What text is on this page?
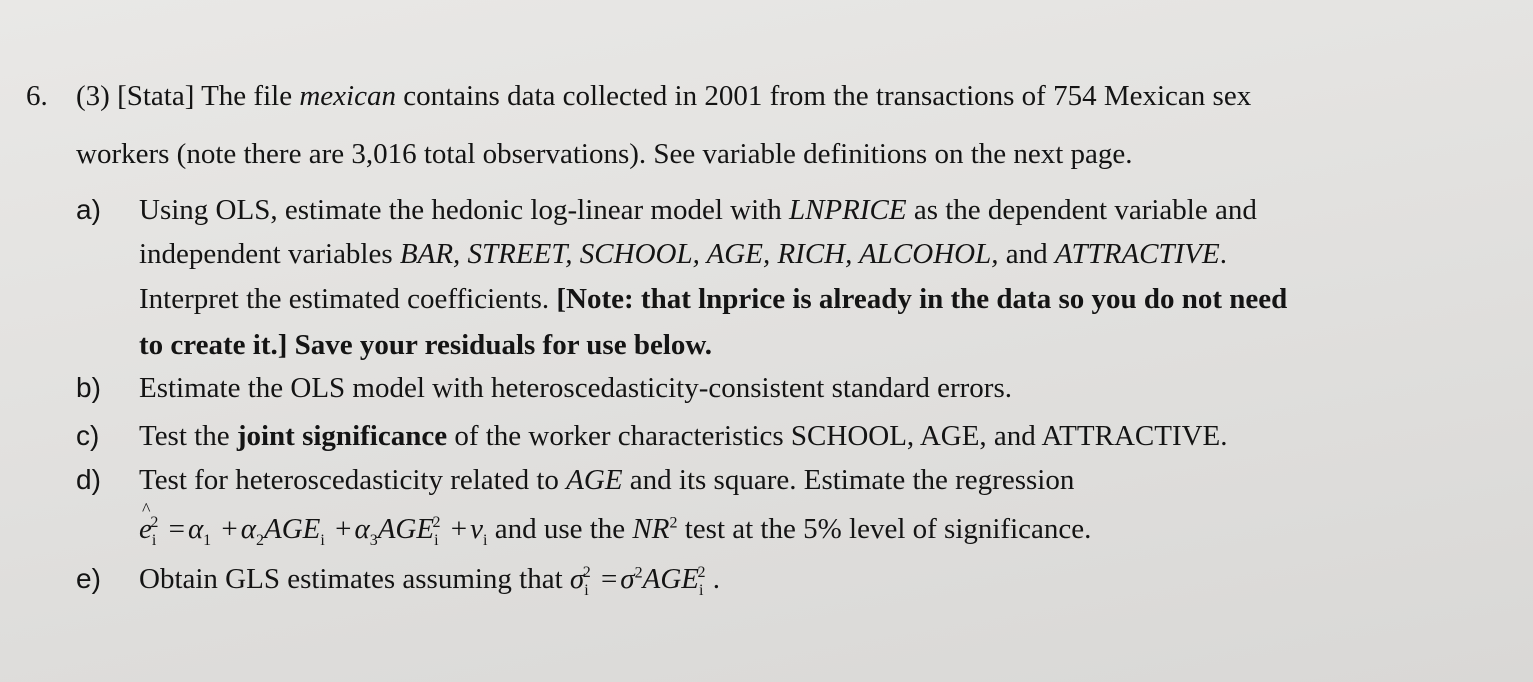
6. (3) [Stata] The file mexican contains data collected in 2001 from the transactions of 754 Mexican sex
workers (note there are 3,016 total observations). See variable definitions on the next page.
a) Using OLS, estimate the hedonic log-linear model with LNPRICE as the dependent variable and
independent variables BAR, STREET, SCHOOL, AGE, RICH, ALCOHOL, and ATTRACTIVE.
Interpret the estimated coefficients. [Note: that lnprice is already in the data so you do not need
to create it.] Save your residuals for use below.
b) Estimate the OLS model with heteroscedasticity-consistent standard errors.
c) Test the joint significance of the worker characteristics SCHOOL, AGE, and ATTRACTIVE.
d) Test for heteroscedasticity related to AGE and its square. Estimate the regression
^ $e_i^2 = \alpha_1 + \alpha_2AGE_i + \alpha_3AGE_i^2 + v_i$ and use the $NR^2$ test at the 5% level of significance.
e) Obtain GLS estimates assuming that $\sigma_i^2 = \sigma^2AGE_i^2$ .
